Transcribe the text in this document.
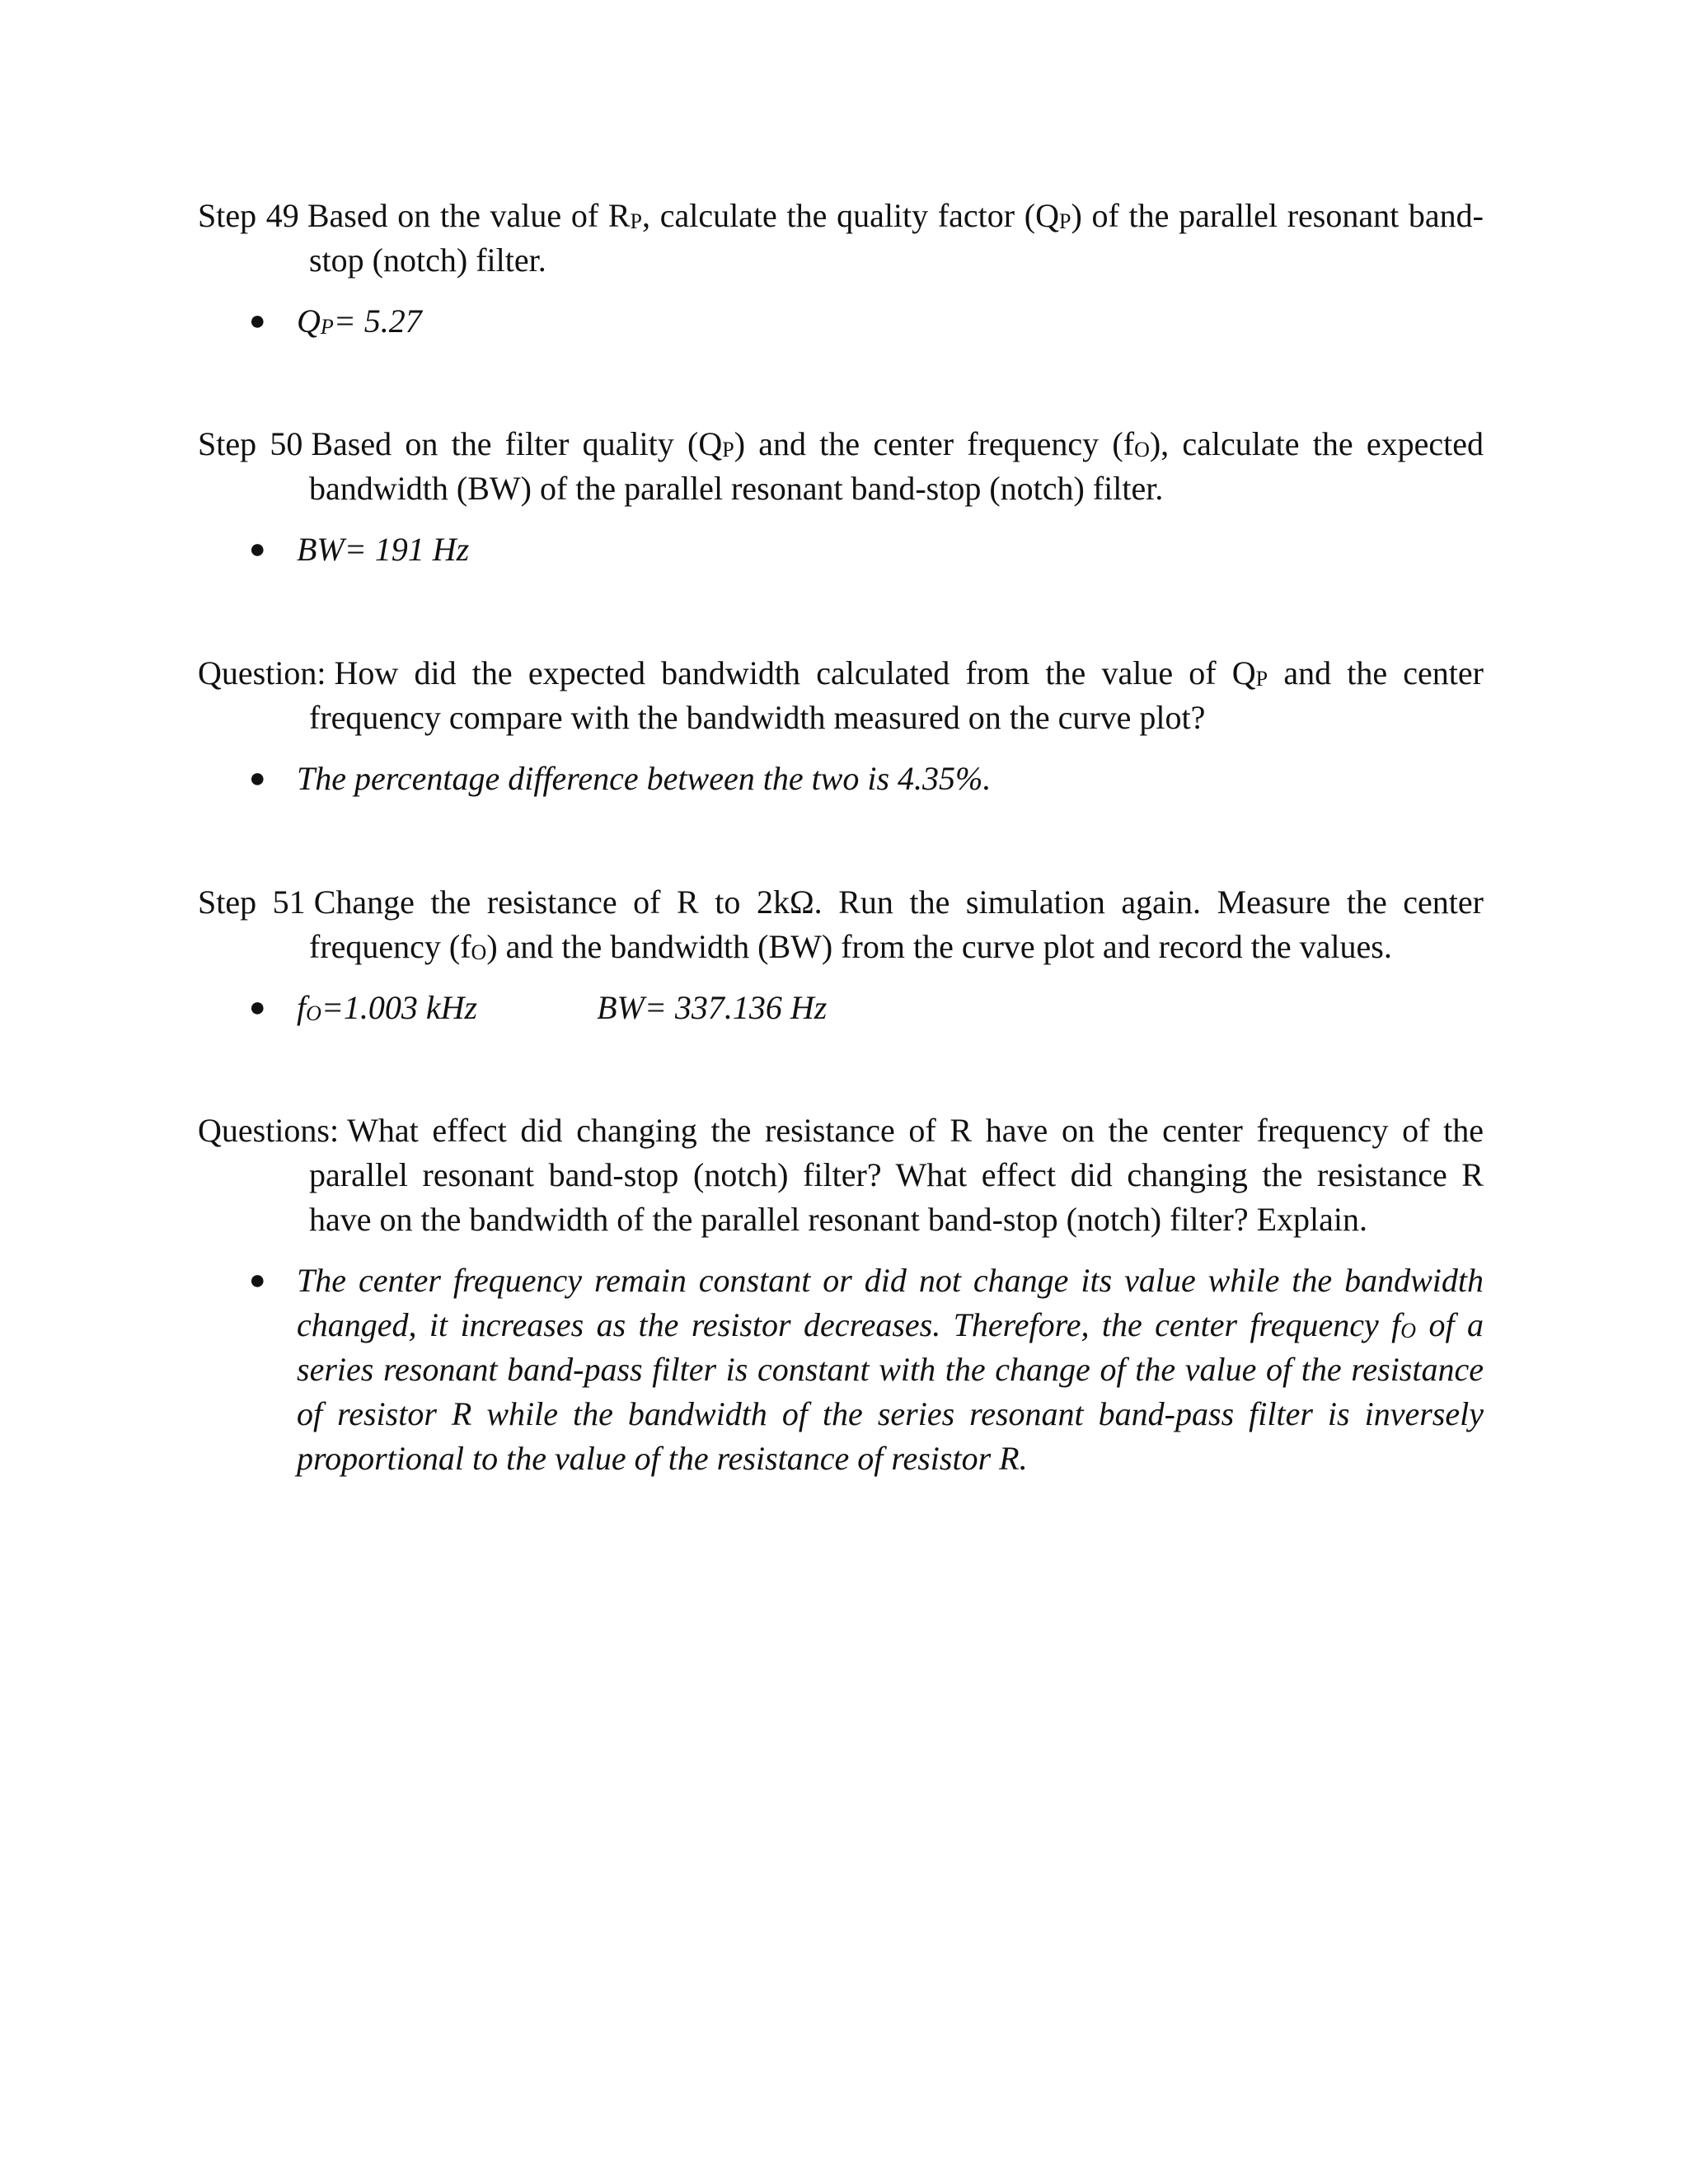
Step 49 Based on the value of RP, calculate the quality factor (QP) of the parallel resonant band-stop (notch) filter.

● QP= 5.27

Step 50 Based on the filter quality (QP) and the center frequency (fO), calculate the expected bandwidth (BW) of the parallel resonant band-stop (notch) filter.

● BW= 191 Hz

Question: How did the expected bandwidth calculated from the value of QP and the center frequency compare with the bandwidth measured on the curve plot?

● The percentage difference between the two is 4.35%.

Step 51 Change the resistance of R to 2kΩ. Run the simulation again. Measure the center frequency (fO) and the bandwidth (BW) from the curve plot and record the values.

● fO=1.003 kHz	BW= 337.136 Hz

Questions: What effect did changing the resistance of R have on the center frequency of the parallel resonant band-stop (notch) filter? What effect did changing the resistance R have on the bandwidth of the parallel resonant band-stop (notch) filter? Explain.

● The center frequency remain constant or did not change its value while the bandwidth changed, it increases as the resistor decreases. Therefore, the center frequency fO of a series resonant band-pass filter is constant with the change of the value of the resistance of resistor R while the bandwidth of the series resonant band-pass filter is inversely proportional to the value of the resistance of resistor R.
